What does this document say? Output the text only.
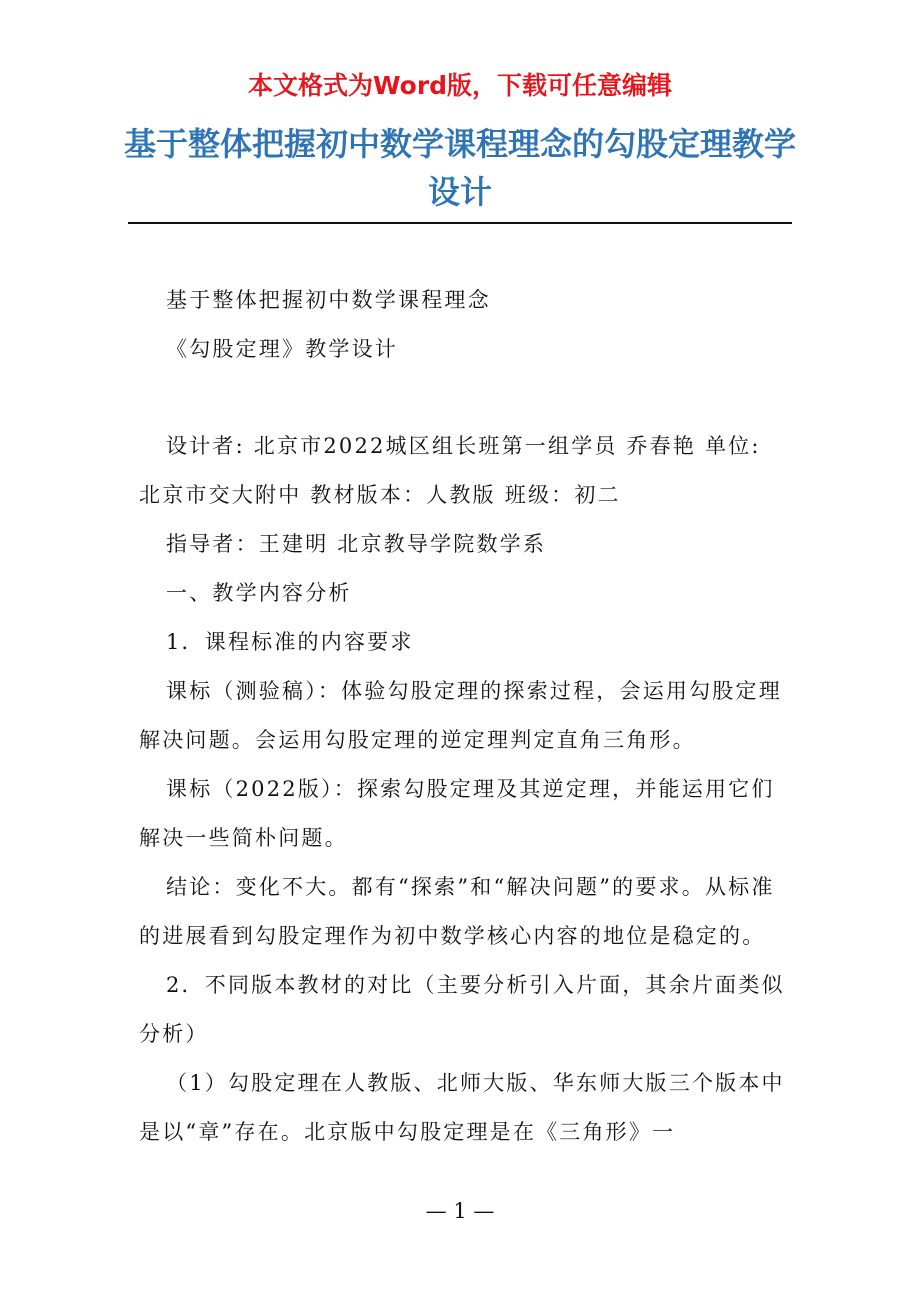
本文格式为Word版，下载可任意编辑
基于整体把握初中数学课程理念的勾股定理教学设计

基于整体把握初中数学课程理念

《勾股定理》教学设计

设计者: 北京市2022城区组长班第一组学员 乔春艳 单位: 北京市交大附中 教材版本：人教版 班级：初二

指导者：王建明 北京教导学院数学系

一、教学内容分析

1．课程标准的内容要求

课标（测验稿）：体验勾股定理的探索过程，会运用勾股定理解决问题。会运用勾股定理的逆定理判定直角三角形。

课标（2022版）：探索勾股定理及其逆定理，并能运用它们解决一些简朴问题。

结论：变化不大。都有“探索”和“解决问题”的要求。从标准的进展看到勾股定理作为初中数学核心内容的地位是稳定的。

2．不同版本教材的对比（主要分析引入片面，其余片面类似分析）

（1）勾股定理在人教版、北师大版、华东师大版三个版本中是以“章”存在。北京版中勾股定理是在《三角形》一

— 1 —
